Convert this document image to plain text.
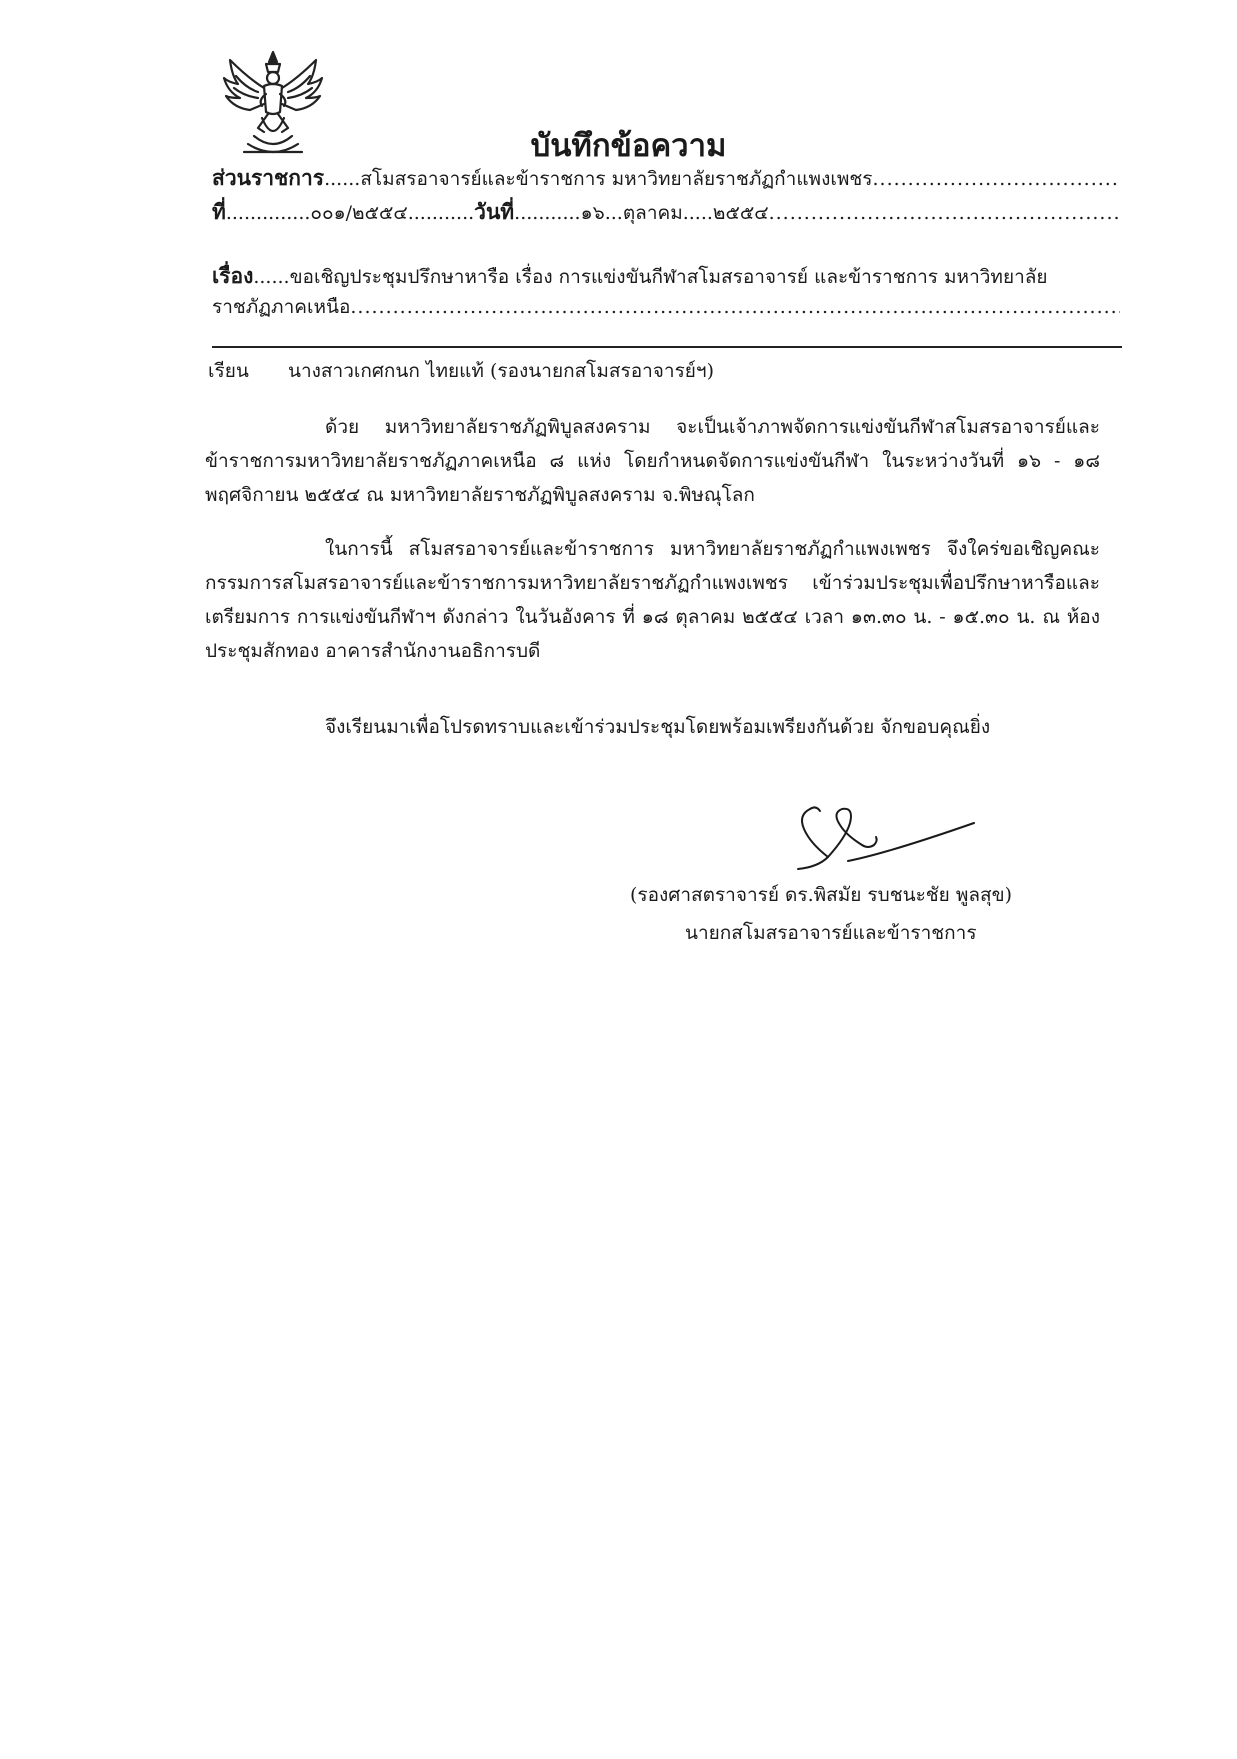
บันทึกข้อความ
ส่วนราชการ ......สโมสรอาจารย์และข้าราชการ มหาวิทยาลัยราชภัฏกำแพงเพชร
.....
ที่ ..............๐๐๑/๒๕๕๔........... วันที่ ...........๑๖...ตุลาคม.....๒๕๕๔
.....
เรื่อง ......ขอเชิญประชุมปรึกษาหารือ เรื่อง การแข่งขันกีฬาสโมสรอาจารย์ และข้าราชการ มหาวิทยาลัย
ราชภัฏภาคเหนือ
.....
เรียน นางสาวเกศกนก ไทยแท้ (รองนายกสโมสรอาจารย์ฯ)
ด้วย มหาวิทยาลัยราชภัฏพิบูลสงคราม จะเป็นเจ้าภาพจัดการแข่งขันกีฬาสโมสรอาจารย์และข้าราชการมหาวิทยาลัยราชภัฏภาคเหนือ ๘ แห่ง โดยกำหนดจัดการแข่งขันกีฬา ในระหว่างวันที่ ๑๖ - ๑๘ พฤศจิกายน ๒๕๕๔ ณ มหาวิทยาลัยราชภัฏพิบูลสงคราม จ.พิษณุโลก
ในการนี้ สโมสรอาจารย์และข้าราชการ มหาวิทยาลัยราชภัฏกำแพงเพชร จึงใคร่ขอเชิญคณะกรรมการสโมสรอาจารย์และข้าราชการมหาวิทยาลัยราชภัฏกำแพงเพชร เข้าร่วมประชุมเพื่อปรึกษาหารือและเตรียมการ การแข่งขันกีฬาฯ ดังกล่าว ในวันอังคาร ที่ ๑๘ ตุลาคม ๒๕๕๔ เวลา ๑๓.๓๐ น. - ๑๕.๓๐ น. ณ ห้องประชุมสักทอง อาคารสำนักงานอธิการบดี
จึงเรียนมาเพื่อโปรดทราบและเข้าร่วมประชุมโดยพร้อมเพรียงกันด้วย จักขอบคุณยิ่ง
(รองศาสตราจารย์ ดร.พิสมัย รบชนะชัย พูลสุข)
นายกสโมสรอาจารย์และข้าราชการ
